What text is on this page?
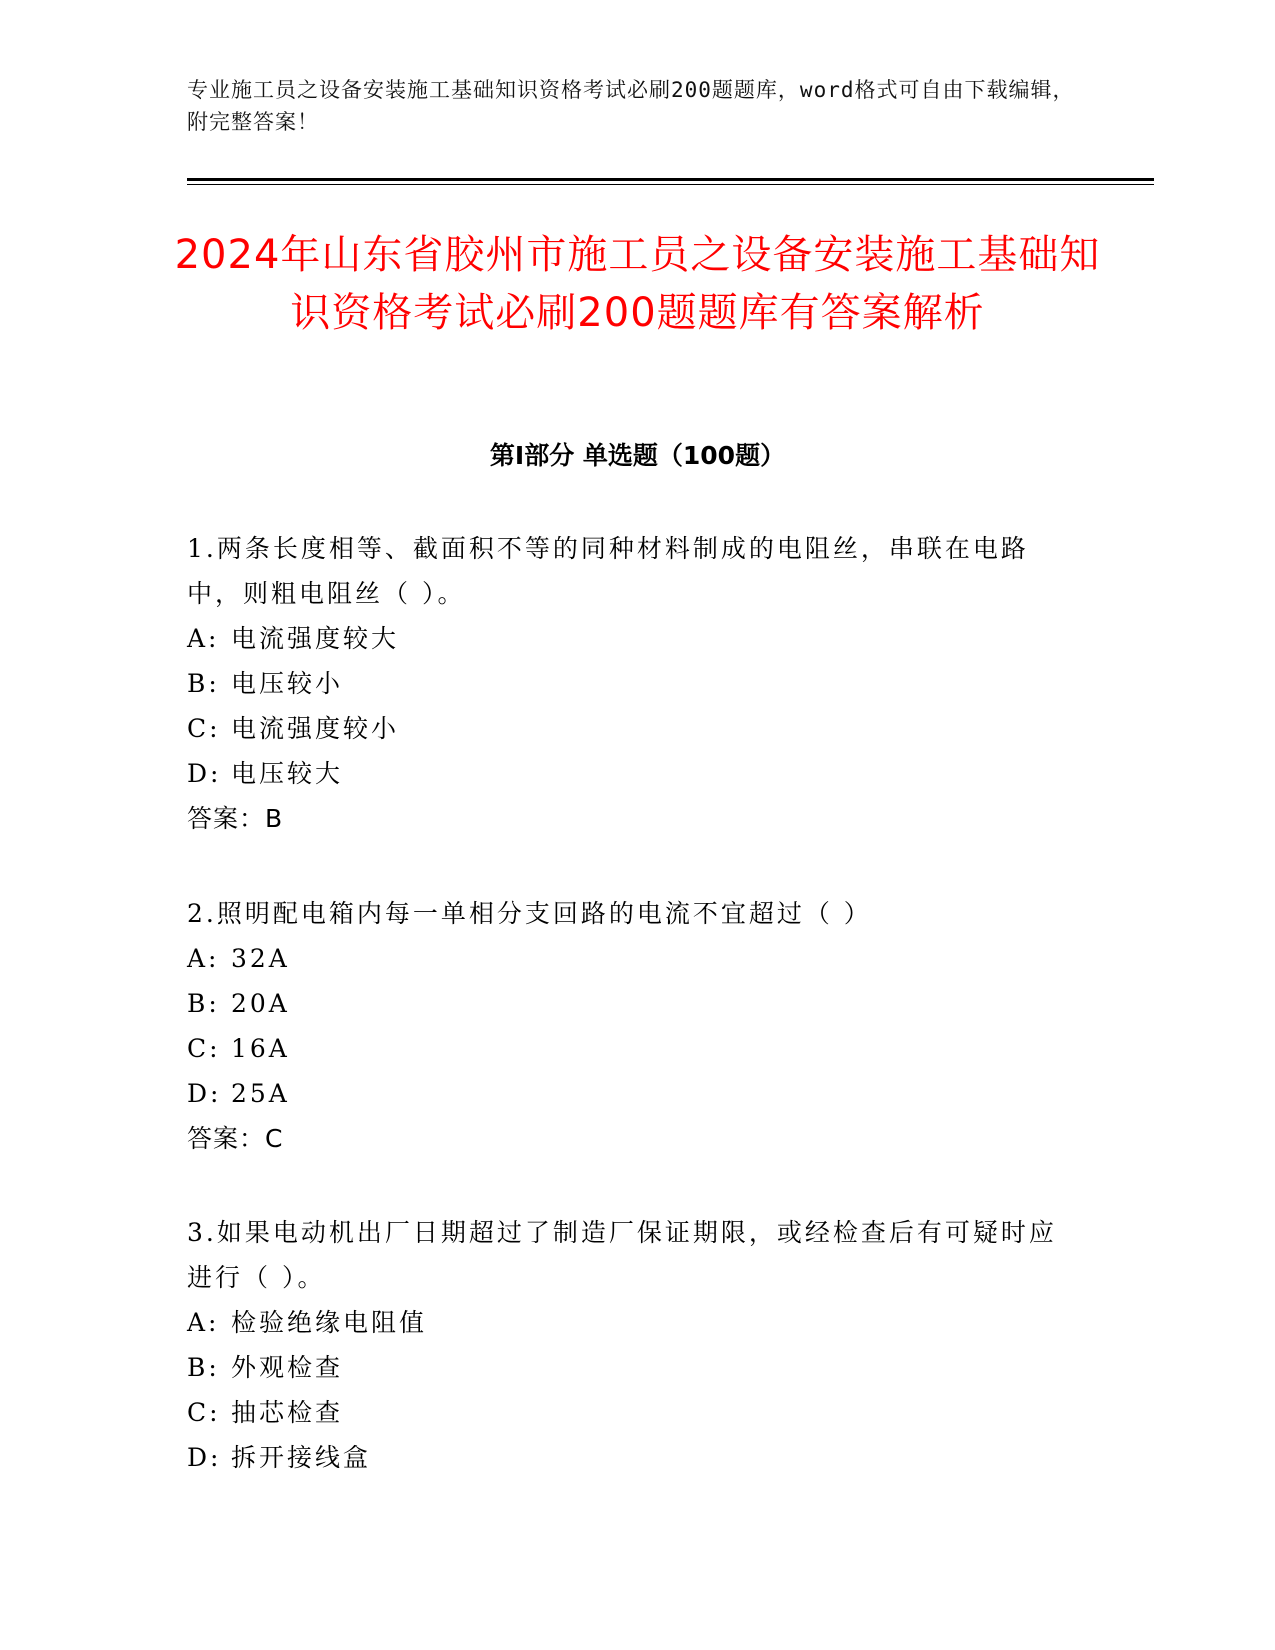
专业施工员之设备安装施工基础知识资格考试必刷200题题库，word格式可自由下载编辑，附完整答案！
2024年山东省胶州市施工员之设备安装施工基础知识资格考试必刷200题题库有答案解析
第I部分 单选题（100题）

1.两条长度相等、截面积不等的同种材料制成的电阻丝，串联在电路中，则粗电阻丝（ ）。

A: 电流强度较大

B: 电压较小

C: 电流强度较小

D: 电压较大

答案：B

2.照明配电箱内每一单相分支回路的电流不宜超过（ ）

A: 32A

B: 20A

C: 16A

D: 25A

答案：C

3.如果电动机出厂日期超过了制造厂保证期限，或经检查后有可疑时应进行（ ）。

A: 检验绝缘电阻值

B: 外观检查

C: 抽芯检查

D: 拆开接线盒
